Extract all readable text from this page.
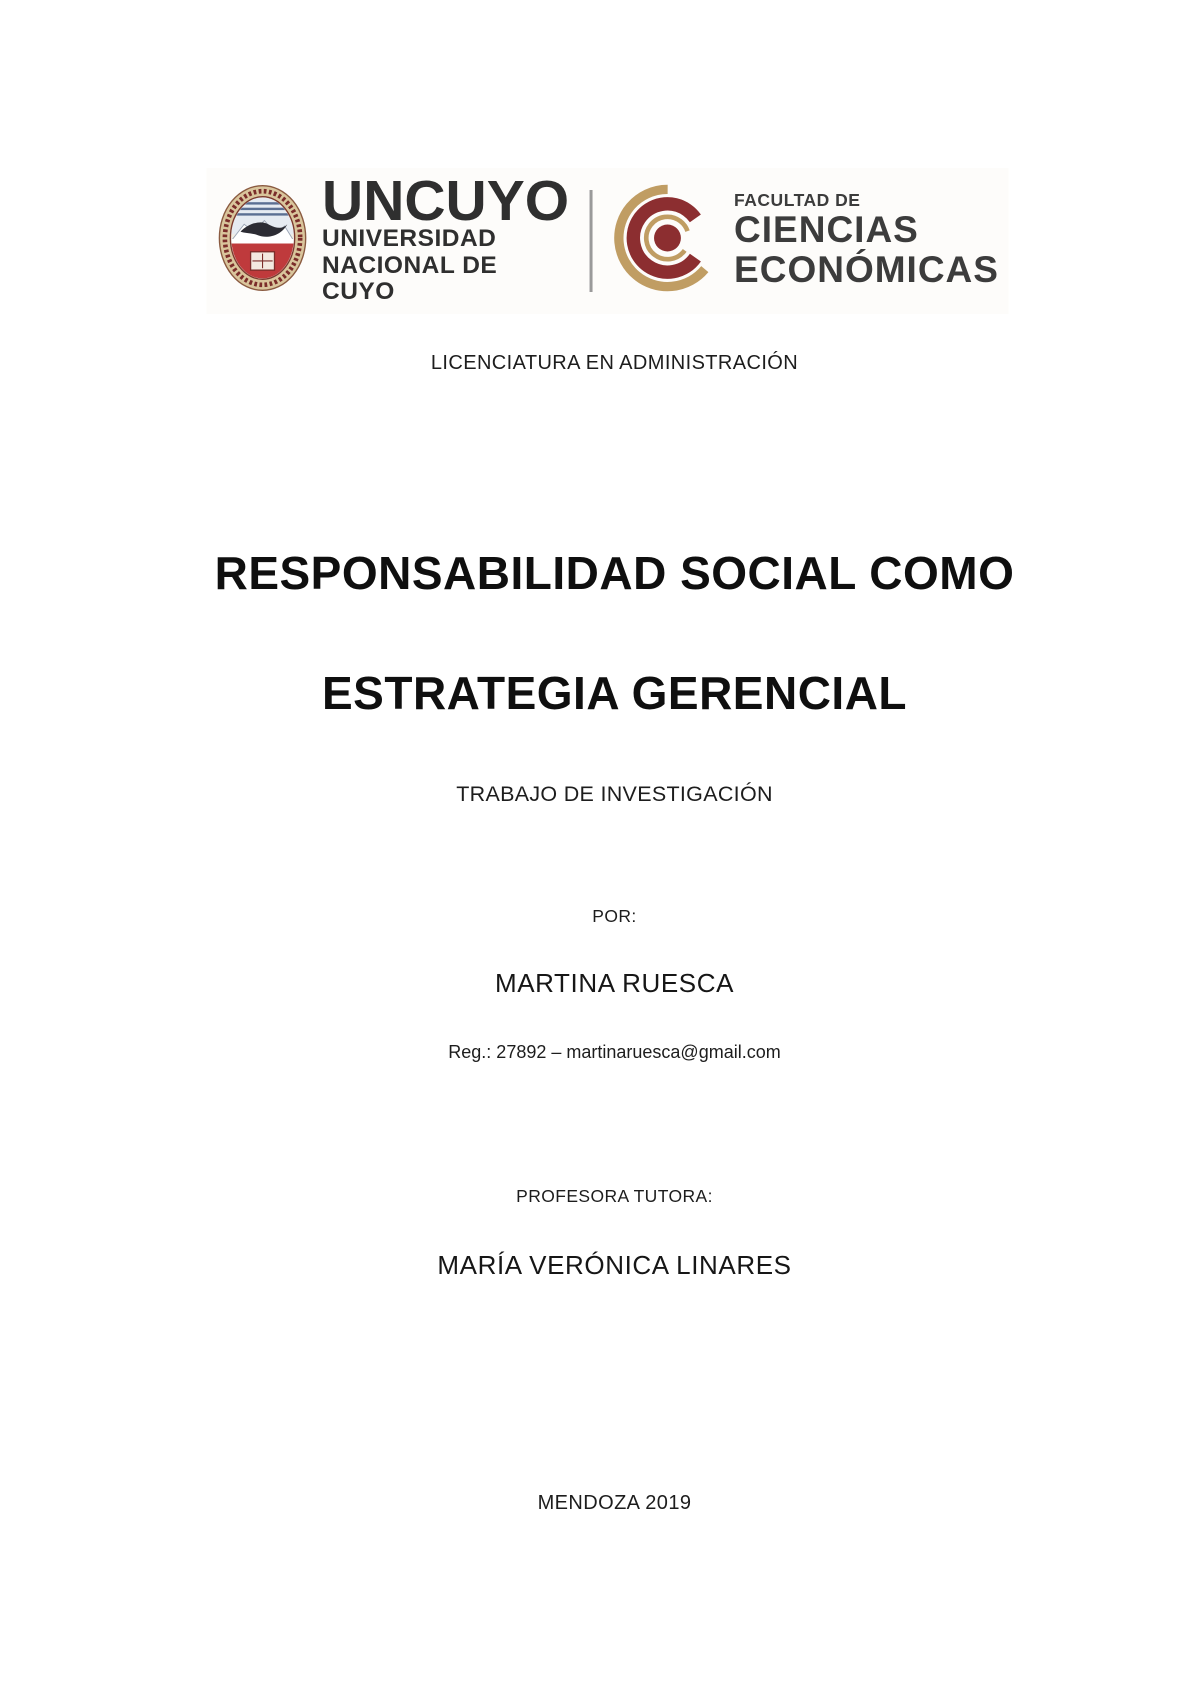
UNCUYO
UNIVERSIDAD
NACIONAL DE CUYO
FACULTAD DE
CIENCIAS
ECONÓMICAS
LICENCIATURA EN ADMINISTRACIÓN
RESPONSABILIDAD SOCIAL COMO
ESTRATEGIA GERENCIAL
TRABAJO DE INVESTIGACIÓN
POR:
MARTINA RUESCA
Reg.: 27892 – martinaruesca@gmail.com
PROFESORA TUTORA:
MARÍA VERÓNICA LINARES
MENDOZA 2019
